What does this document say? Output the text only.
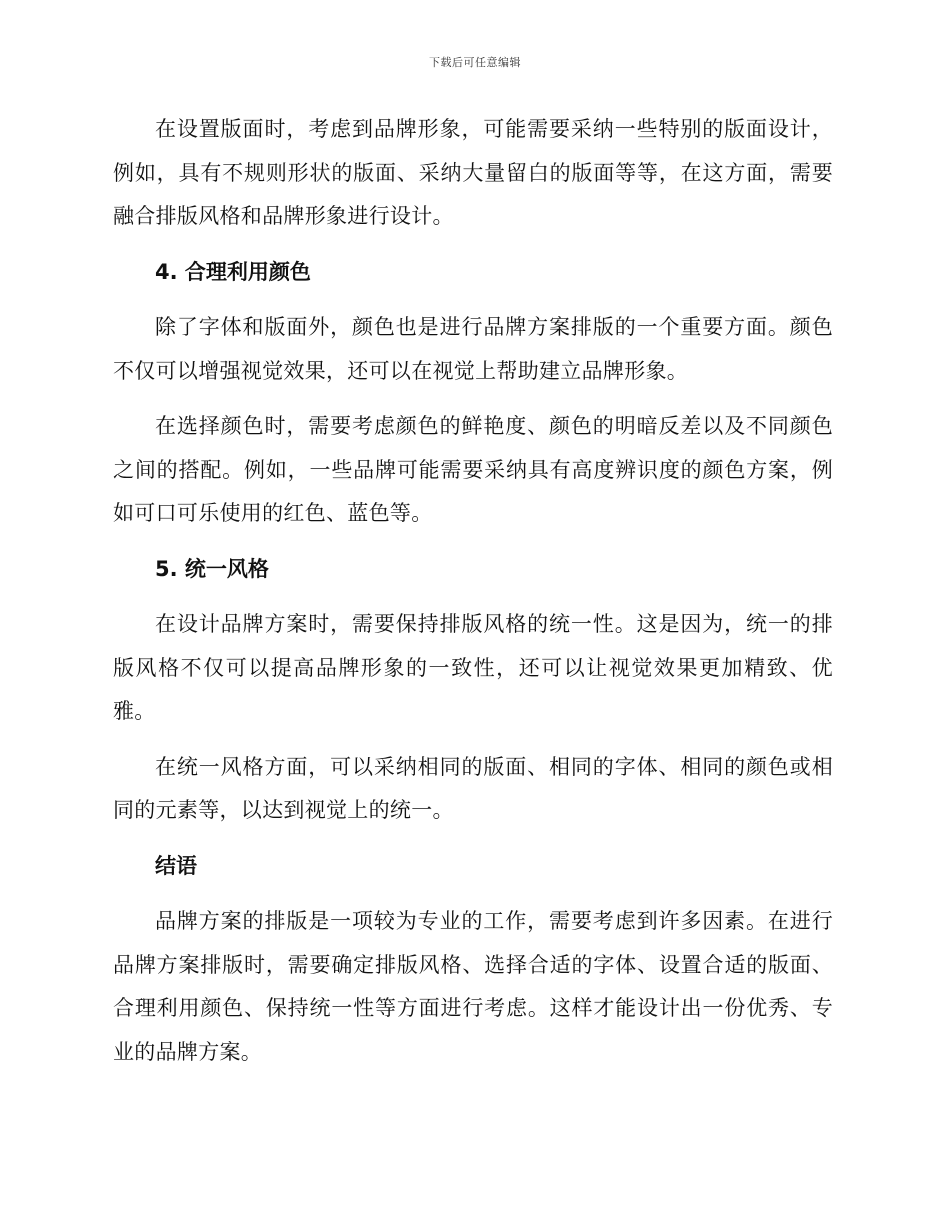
下载后可任意编辑

在设置版面时，考虑到品牌形象，可能需要采纳一些特别的版面设计，例如，具有不规则形状的版面、采纳大量留白的版面等等，在这方面，需要融合排版风格和品牌形象进行设计。

4. 合理利用颜色

除了字体和版面外，颜色也是进行品牌方案排版的一个重要方面。颜色不仅可以增强视觉效果，还可以在视觉上帮助建立品牌形象。

在选择颜色时，需要考虑颜色的鲜艳度、颜色的明暗反差以及不同颜色之间的搭配。例如，一些品牌可能需要采纳具有高度辨识度的颜色方案，例如可口可乐使用的红色、蓝色等。

5. 统一风格

在设计品牌方案时，需要保持排版风格的统一性。这是因为，统一的排版风格不仅可以提高品牌形象的一致性，还可以让视觉效果更加精致、优雅。

在统一风格方面，可以采纳相同的版面、相同的字体、相同的颜色或相同的元素等，以达到视觉上的统一。

结语

品牌方案的排版是一项较为专业的工作，需要考虑到许多因素。在进行品牌方案排版时，需要确定排版风格、选择合适的字体、设置合适的版面、合理利用颜色、保持统一性等方面进行考虑。这样才能设计出一份优秀、专业的品牌方案。
